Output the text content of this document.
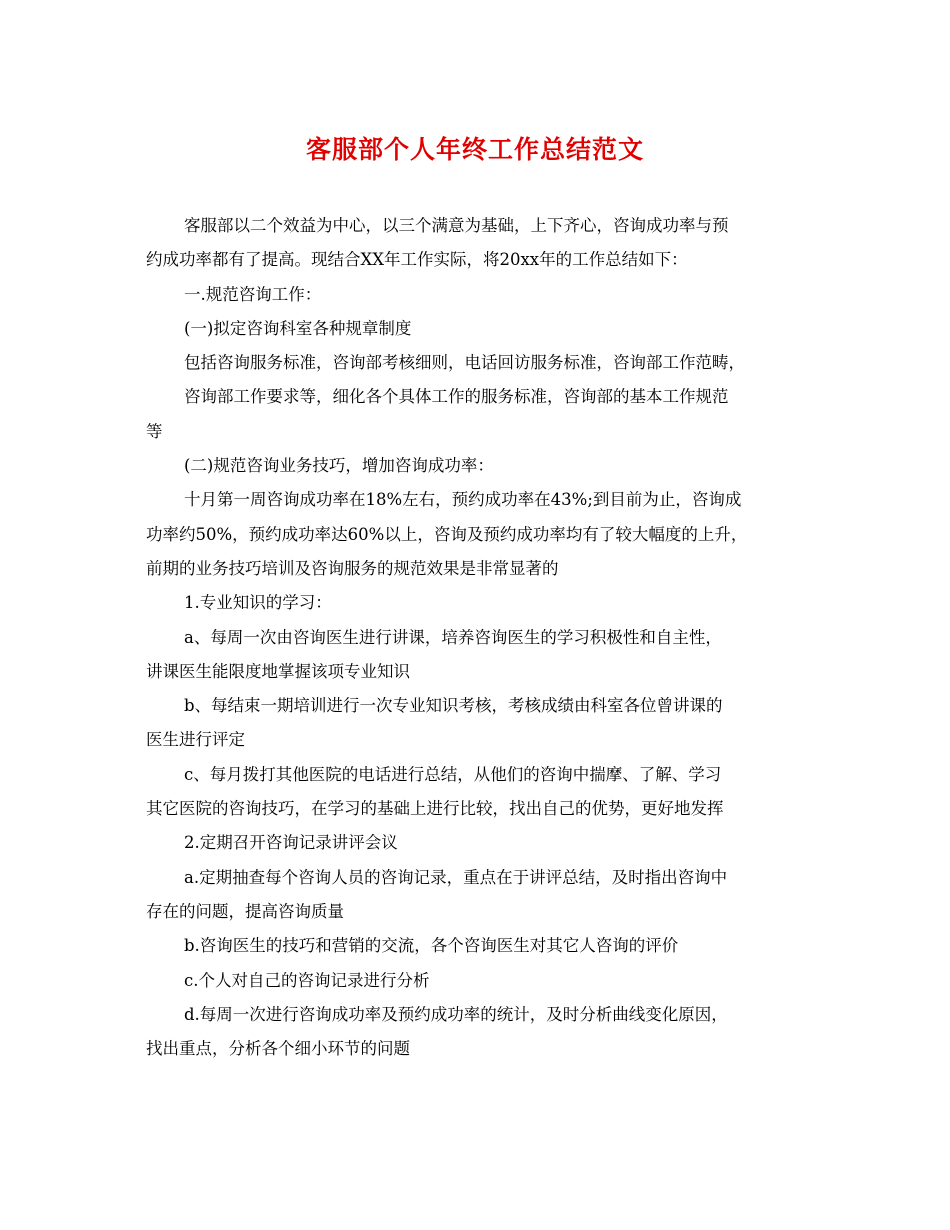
客服部个人年终工作总结范文
客服部以二个效益为中心，以三个满意为基础，上下齐心，咨询成功率与预
约成功率都有了提高。现结合XX年工作实际，将20xx年的工作总结如下：
一.规范咨询工作：
(一)拟定咨询科室各种规章制度
包括咨询服务标准，咨询部考核细则，电话回访服务标准，咨询部工作范畴，
咨询部工作要求等，细化各个具体工作的服务标准，咨询部的基本工作规范
等
(二)规范咨询业务技巧，增加咨询成功率：
十月第一周咨询成功率在18%左右，预约成功率在43%;到目前为止，咨询成
功率约50%，预约成功率达60%以上，咨询及预约成功率均有了较大幅度的上升，
前期的业务技巧培训及咨询服务的规范效果是非常显著的
1.专业知识的学习：
a、每周一次由咨询医生进行讲课，培养咨询医生的学习积极性和自主性，
讲课医生能限度地掌握该项专业知识
b、每结束一期培训进行一次专业知识考核，考核成绩由科室各位曾讲课的
医生进行评定
c、每月拨打其他医院的电话进行总结，从他们的咨询中揣摩、了解、学习
其它医院的咨询技巧，在学习的基础上进行比较，找出自己的优势，更好地发挥
2.定期召开咨询记录讲评会议
a.定期抽查每个咨询人员的咨询记录，重点在于讲评总结，及时指出咨询中
存在的问题，提高咨询质量
b.咨询医生的技巧和营销的交流，各个咨询医生对其它人咨询的评价
c.个人对自己的咨询记录进行分析
d.每周一次进行咨询成功率及预约成功率的统计，及时分析曲线变化原因，
找出重点，分析各个细小环节的问题
